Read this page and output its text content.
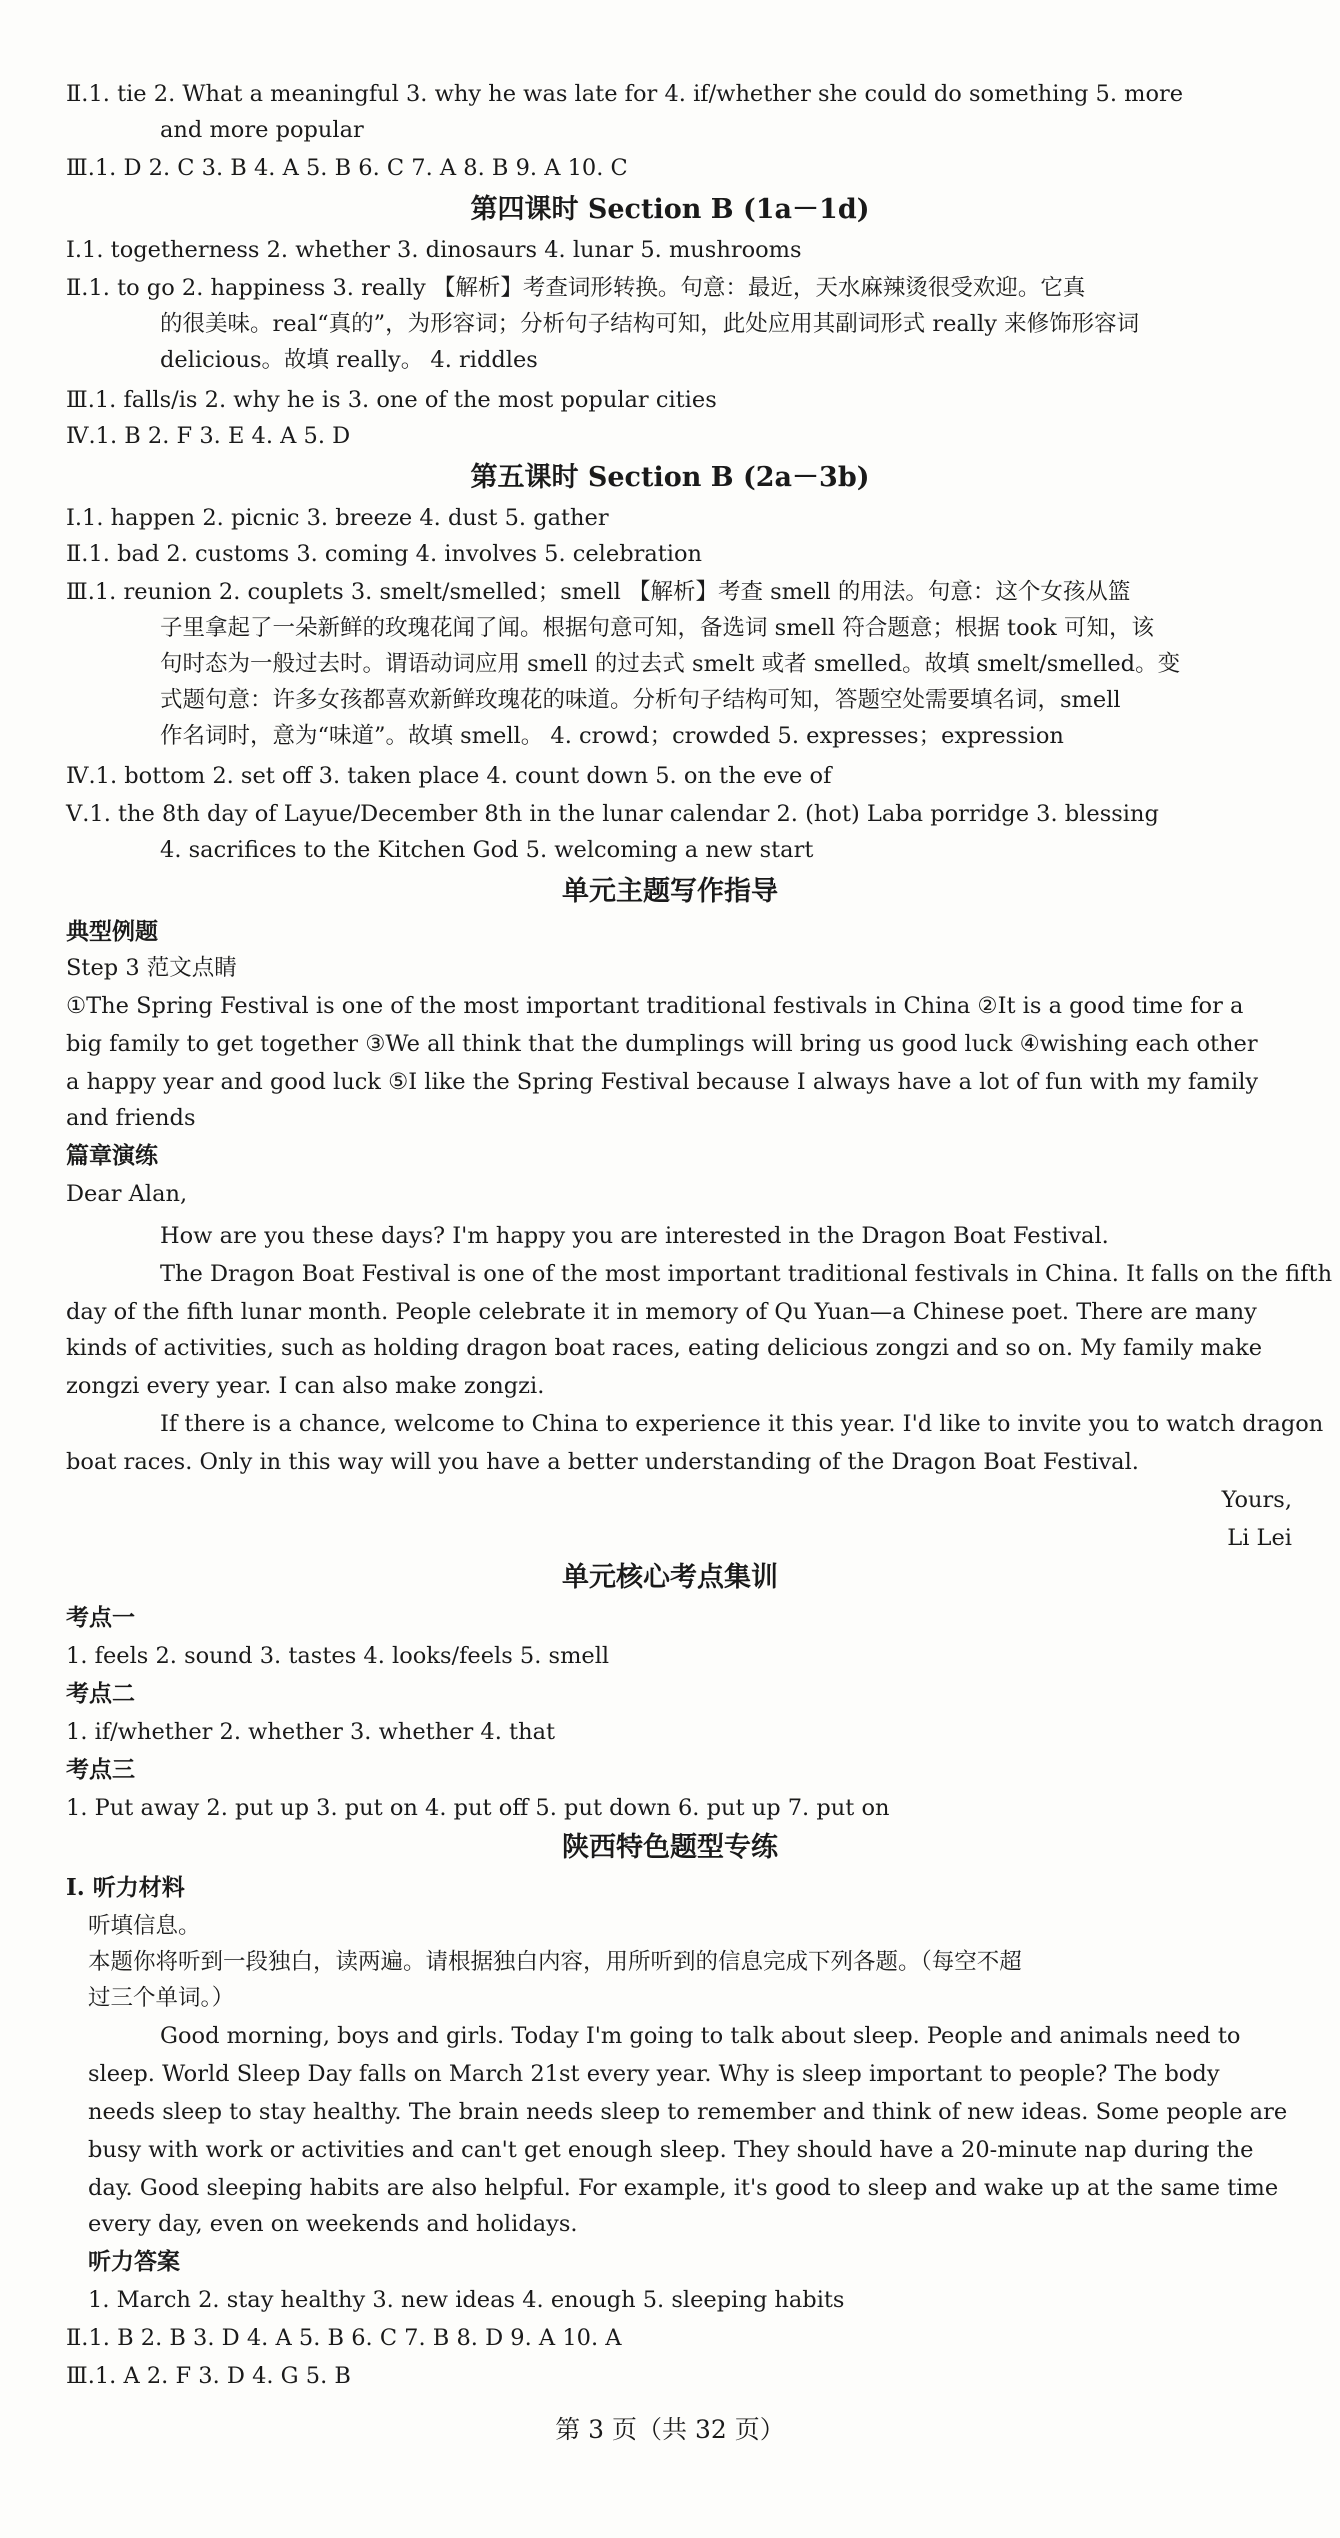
Ⅱ.1. tie 2. What a meaningful 3. why he was late for 4. if/whether she could do something 5. more
and more popular
Ⅲ.1. D 2. C 3. B 4. A 5. B 6. C 7. A 8. B 9. A 10. C
第四课时 Section B (1a－1d)
Ⅰ.1. togetherness 2. whether 3. dinosaurs 4. lunar 5. mushrooms
Ⅱ.1. to go 2. happiness 3. really 【解析】考查词形转换。句意：最近，天水麻辣烫很受欢迎。它真
的很美味。real“真的”，为形容词；分析句子结构可知，此处应用其副词形式 really 来修饰形容词
delicious。故填 really。 4. riddles
Ⅲ.1. falls/is 2. why he is 3. one of the most popular cities
Ⅳ.1. B 2. F 3. E 4. A 5. D
第五课时 Section B (2a－3b)
Ⅰ.1. happen 2. picnic 3. breeze 4. dust 5. gather
Ⅱ.1. bad 2. customs 3. coming 4. involves 5. celebration
Ⅲ.1. reunion 2. couplets 3. smelt/smelled；smell 【解析】考查 smell 的用法。句意：这个女孩从篮
子里拿起了一朵新鲜的玫瑰花闻了闻。根据句意可知，备选词 smell 符合题意；根据 took 可知，该
句时态为一般过去时。谓语动词应用 smell 的过去式 smelt 或者 smelled。故填 smelt/smelled。变
式题句意：许多女孩都喜欢新鲜玫瑰花的味道。分析句子结构可知，答题空处需要填名词，smell
作名词时，意为“味道”。故填 smell。 4. crowd；crowded 5. expresses；expression
Ⅳ.1. bottom 2. set off 3. taken place 4. count down 5. on the eve of
Ⅴ.1. the 8th day of Layue/December 8th in the lunar calendar 2. (hot) Laba porridge 3. blessing
4. sacrifices to the Kitchen God 5. welcoming a new start
单元主题写作指导
典型例题
Step 3 范文点睛
①The Spring Festival is one of the most important traditional festivals in China ②It is a good time for a
big family to get together ③We all think that the dumplings will bring us good luck ④wishing each other
a happy year and good luck ⑤I like the Spring Festival because I always have a lot of fun with my family
and friends
篇章演练
Dear Alan,
How are you these days? I'm happy you are interested in the Dragon Boat Festival.
The Dragon Boat Festival is one of the most important traditional festivals in China. It falls on the fifth
day of the fifth lunar month. People celebrate it in memory of Qu Yuan—a Chinese poet. There are many
kinds of activities, such as holding dragon boat races, eating delicious zongzi and so on. My family make
zongzi every year. I can also make zongzi.
If there is a chance, welcome to China to experience it this year. I'd like to invite you to watch dragon
boat races. Only in this way will you have a better understanding of the Dragon Boat Festival.
Yours,
Li Lei
单元核心考点集训
考点一
1. feels 2. sound 3. tastes 4. looks/feels 5. smell
考点二
1. if/whether 2. whether 3. whether 4. that
考点三
1. Put away 2. put up 3. put on 4. put off 5. put down 6. put up 7. put on
陕西特色题型专练
Ⅰ. 听力材料
听填信息。
本题你将听到一段独白，读两遍。请根据独白内容，用所听到的信息完成下列各题。（每空不超
过三个单词。）
Good morning, boys and girls. Today I'm going to talk about sleep. People and animals need to
sleep. World Sleep Day falls on March 21st every year. Why is sleep important to people? The body
needs sleep to stay healthy. The brain needs sleep to remember and think of new ideas. Some people are
busy with work or activities and can't get enough sleep. They should have a 20-minute nap during the
day. Good sleeping habits are also helpful. For example, it's good to sleep and wake up at the same time
every day, even on weekends and holidays.
听力答案
1. March 2. stay healthy 3. new ideas 4. enough 5. sleeping habits
Ⅱ.1. B 2. B 3. D 4. A 5. B 6. C 7. B 8. D 9. A 10. A
Ⅲ.1. A 2. F 3. D 4. G 5. B
第 3 页（共 32 页）
